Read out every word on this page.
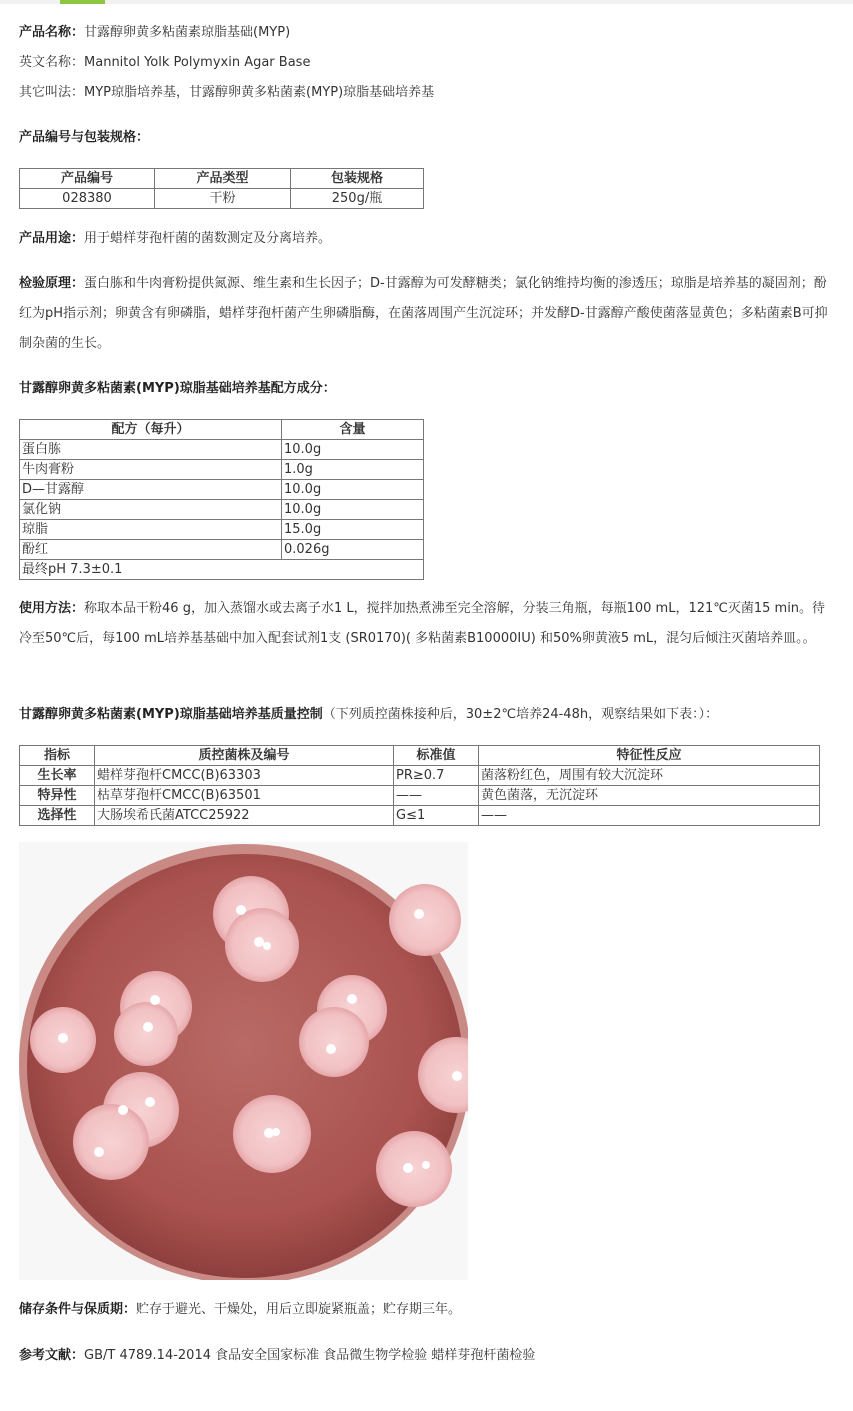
产品名称：甘露醇卵黄多粘菌素琼脂基础(MYP)
英文名称：Mannitol Yolk Polymyxin Agar Base
其它叫法：MYP琼脂培养基，甘露醇卵黄多粘菌素(MYP)琼脂基础培养基
产品编号与包装规格：
产品编号	产品类型	包装规格
028380	干粉	250g/瓶
产品用途：用于蜡样芽孢杆菌的菌数测定及分离培养。
检验原理：蛋白胨和牛肉膏粉提供氮源、维生素和生长因子；D-甘露醇为可发酵糖类；氯化钠维持均衡的渗透压；琼脂是培养基的凝固剂；酚红为pH指示剂；卵黄含有卵磷脂，蜡样芽孢杆菌产生卵磷脂酶，在菌落周围产生沉淀环；并发酵D-甘露醇产酸使菌落显黄色；多粘菌素B可抑制杂菌的生长。
甘露醇卵黄多粘菌素(MYP)琼脂基础培养基配方成分：
配方（每升）	含量
蛋白胨	10.0g
牛肉膏粉	1.0g
D—甘露醇	10.0g
氯化钠	10.0g
琼脂	15.0g
酚红	0.026g
最终pH 7.3±0.1	
使用方法：称取本品干粉46 g，加入蒸馏水或去离子水1 L，搅拌加热煮沸至完全溶解，分装三角瓶，每瓶100 mL，121℃灭菌15 min。待冷至50℃后，每100 mL培养基基础中加入配套试剂1支 (SR0170)( 多粘菌素B10000IU) 和50%卵黄液5 mL，混匀后倾注灭菌培养皿。。
甘露醇卵黄多粘菌素(MYP)琼脂基础培养基质量控制（下列质控菌株接种后，30±2℃培养24-48h，观察结果如下表：）：
指标	质控菌株及编号	标准值	特征性反应
生长率	蜡样芽孢杆CMCC(B)63303	PR≥0.7	菌落粉红色，周围有较大沉淀环
特异性	枯草芽孢杆CMCC(B)63501	——	黄色菌落，无沉淀环
选择性	大肠埃希氏菌ATCC25922	G≤1	——
储存条件与保质期：贮存于避光、干燥处，用后立即旋紧瓶盖；贮存期三年。
参考文献：GB/T 4789.14-2014 食品安全国家标准 食品微生物学检验 蜡样芽孢杆菌检验
